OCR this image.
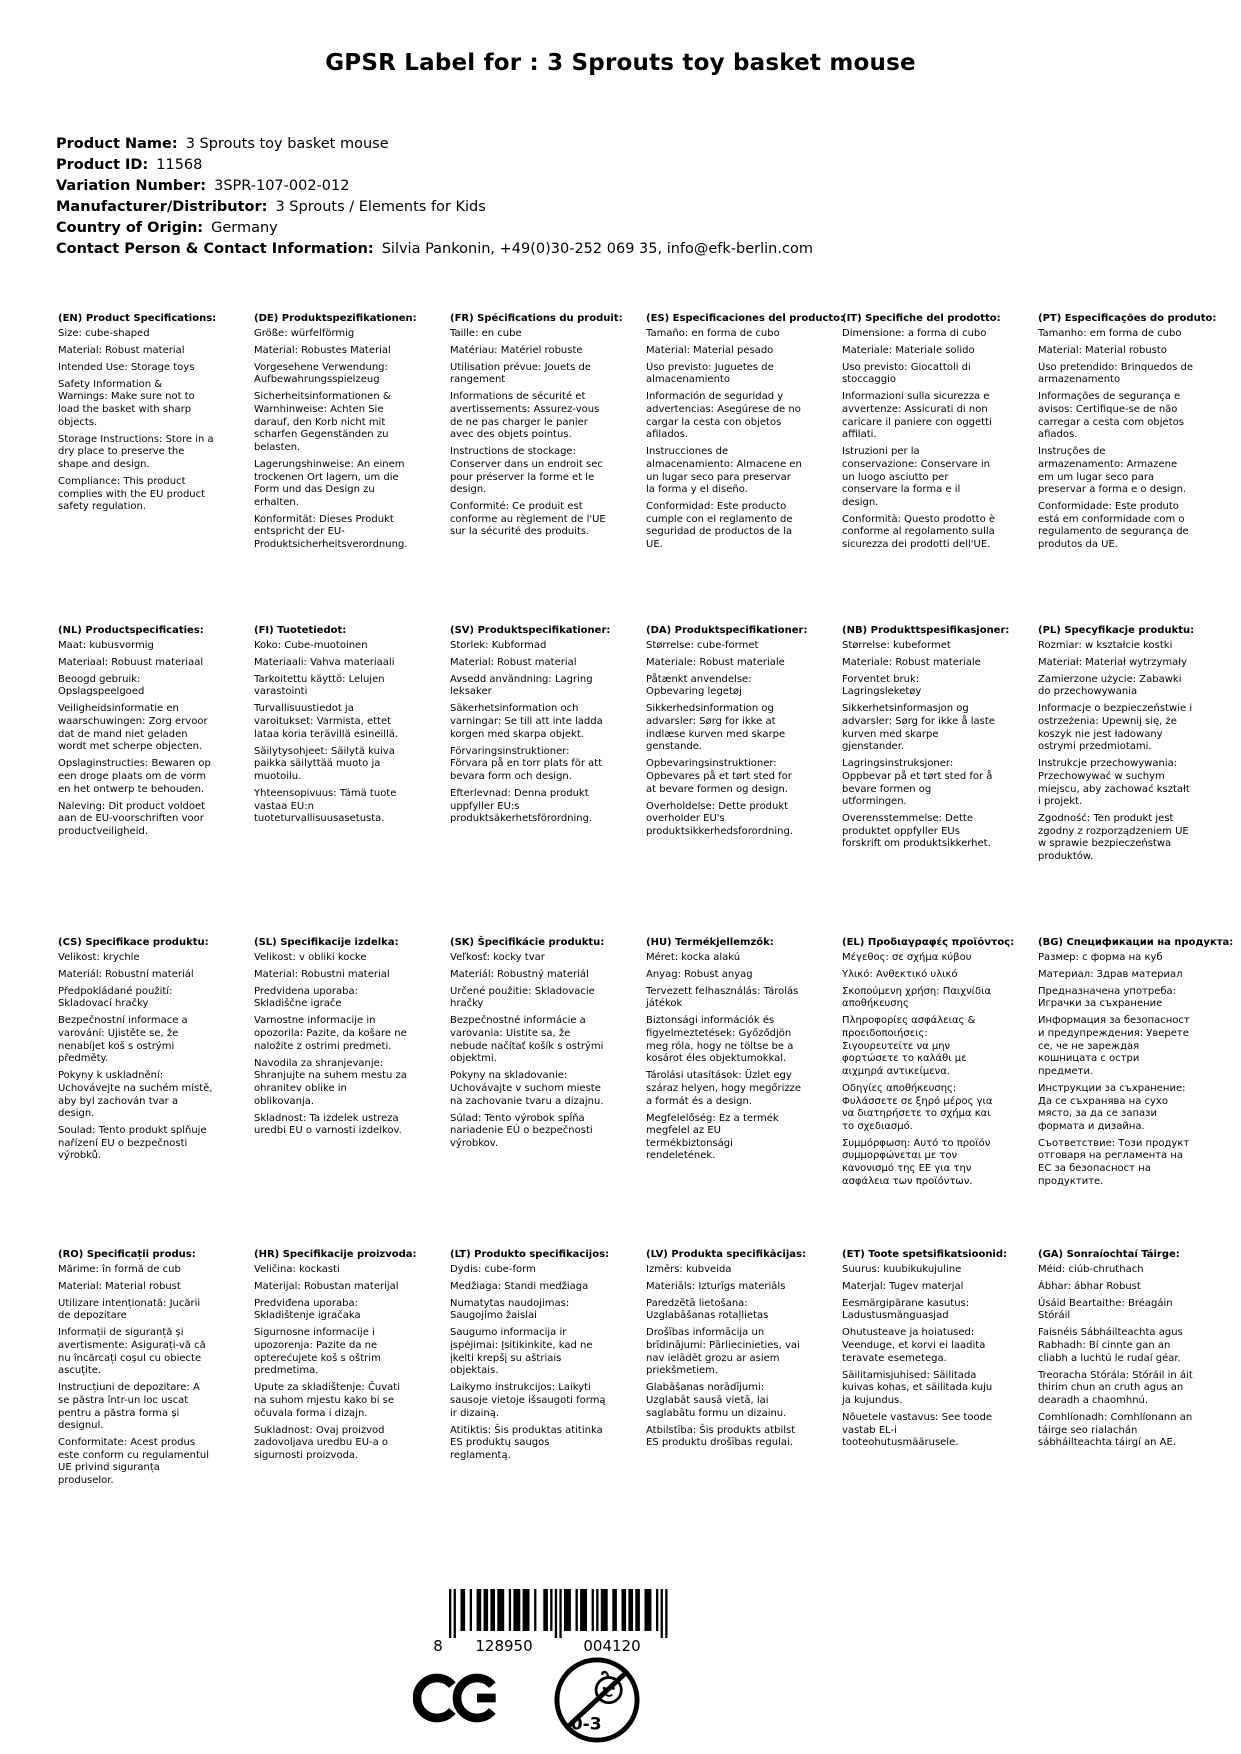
GPSR Label for : 3 Sprouts toy basket mouse
Product Name: 3 Sprouts toy basket mouse
Product ID: 11568
Variation Number: 3SPR-107-002-012
Manufacturer/Distributor: 3 Sprouts / Elements for Kids
Country of Origin: Germany
Contact Person & Contact Information: Silvia Pankonin, +49(0)30-252 069 35, info@efk-berlin.com

(EN) Product Specifications:

Size: cube-shaped

Material: Robust material

Intended Use: Storage toys

Safety Information & Warnings: Make sure not to load the basket with sharp objects.

Storage Instructions: Store in a dry place to preserve the shape and design.

Compliance: This product complies with the EU product safety regulation.

(DE) Produktspezifikationen:

Größe: würfelförmig

Material: Robustes Material

Vorgesehene Verwendung: Aufbewahrungsspielzeug

Sicherheitsinformationen & Warnhinweise: Achten Sie darauf, den Korb nicht mit scharfen Gegenständen zu belasten.

Lagerungshinweise: An einem trockenen Ort lagern, um die Form und das Design zu erhalten.

Konformität: Dieses Produkt entspricht der EU-Produktsicherheitsverordnung.

(FR) Spécifications du produit:

Taille: en cube

Matériau: Matériel robuste

Utilisation prévue: Jouets de rangement

Informations de sécurité et avertissements: Assurez-vous de ne pas charger le panier avec des objets pointus.

Instructions de stockage: Conserver dans un endroit sec pour préserver la forme et le design.

Conformité: Ce produit est conforme au règlement de l'UE sur la sécurité des produits.

(ES) Especificaciones del producto:

Tamaño: en forma de cubo

Material: Material pesado

Uso previsto: Juguetes de almacenamiento

Información de seguridad y advertencias: Asegúrese de no cargar la cesta con objetos afilados.

Instrucciones de almacenamiento: Almacene en un lugar seco para preservar la forma y el diseño.

Conformidad: Este producto cumple con el reglamento de seguridad de productos de la UE.

(IT) Specifiche del prodotto:

Dimensione: a forma di cubo

Materiale: Materiale solido

Uso previsto: Giocattoli di stoccaggio

Informazioni sulla sicurezza e avvertenze: Assicurati di non caricare il paniere con oggetti affilati.

Istruzioni per la conservazione: Conservare in un luogo asciutto per conservare la forma e il design.

Conformità: Questo prodotto è conforme al regolamento sulla sicurezza dei prodotti dell'UE.

(PT) Especificações do produto:

Tamanho: em forma de cubo

Material: Material robusto

Uso pretendido: Brinquedos de armazenamento

Informações de segurança e avisos: Certifique-se de não carregar a cesta com objetos afiados.

Instruções de armazenamento: Armazene em um lugar seco para preservar a forma e o design.

Conformidade: Este produto está em conformidade com o regulamento de segurança de produtos da UE.

(NL) Productspecificaties:

Maat: kubusvormig

Materiaal: Robuust materiaal

Beoogd gebruik: Opslagspeelgoed

Veiligheidsinformatie en waarschuwingen: Zorg ervoor dat de mand niet geladen wordt met scherpe objecten.

Opslaginstructies: Bewaren op een droge plaats om de vorm en het ontwerp te behouden.

Naleving: Dit product voldoet aan de EU-voorschriften voor productveiligheid.

(FI) Tuotetiedot:

Koko: Cube-muotoinen

Materiaali: Vahva materiaali

Tarkoitettu käyttö: Lelujen varastointi

Turvallisuustiedot ja varoitukset: Varmista, ettet lataa koria terävillä esineillä.

Säilytysohjeet: Säilytä kuiva paikka säilyttää muoto ja muotoilu.

Yhteensopivuus: Tämä tuote vastaa EU:n tuoteturvallisuusasetusta.

(SV) Produktspecifikationer:

Storlek: Kubformad

Material: Robust material

Avsedd användning: Lagring leksaker

Säkerhetsinformation och varningar: Se till att inte ladda korgen med skarpa objekt.

Förvaringsinstruktioner: Förvara på en torr plats för att bevara form och design.

Efterlevnad: Denna produkt uppfyller EU:s produktsäkerhetsförordning.

(DA) Produktspecifikationer:

Størrelse: cube-formet

Materiale: Robust materiale

Påtænkt anvendelse: Opbevaring legetøj

Sikkerhedsinformation og advarsler: Sørg for ikke at indlæse kurven med skarpe genstande.

Opbevaringsinstruktioner: Opbevares på et tørt sted for at bevare formen og design.

Overholdelse: Dette produkt overholder EU's produktsikkerhedsforordning.

(NB) Produkttspesifikasjoner:

Størrelse: kubeformet

Materiale: Robust materiale

Forventet bruk: Lagringsleketøy

Sikkerhetsinformasjon og advarsler: Sørg for ikke å laste kurven med skarpe gjenstander.

Lagringsinstruksjoner: Oppbevar på et tørt sted for å bevare formen og utformingen.

Overensstemmelse: Dette produktet oppfyller EUs forskrift om produktsikkerhet.

(PL) Specyfikacje produktu:

Rozmiar: w kształcie kostki

Materiał: Materiał wytrzymały

Zamierzone użycie: Zabawki do przechowywania

Informacje o bezpieczeństwie i ostrzeżenia: Upewnij się, że koszyk nie jest ładowany ostrymi przedmiotami.

Instrukcje przechowywania: Przechowywać w suchym miejscu, aby zachować kształt i projekt.

Zgodność: Ten produkt jest zgodny z rozporządzeniem UE w sprawie bezpieczeństwa produktów.

(CS) Specifikace produktu:

Velikost: krychle

Materiál: Robustní materiál

Předpokládané použití: Skladovací hračky

Bezpečnostní informace a varování: Ujistěte se, že nenabíjet koš s ostrými předměty.

Pokyny k uskladnění: Uchovávejte na suchém místě, aby byl zachován tvar a design.

Soulad: Tento produkt splňuje nařízení EU o bezpečnosti výrobků.

(SL) Specifikacije izdelka:

Velikost: v obliki kocke

Material: Robustni material

Predvidena uporaba: Skladiščne igrače

Varnostne informacije in opozorila: Pazite, da košare ne naložite z ostrimi predmeti.

Navodila za shranjevanje: Shranjujte na suhem mestu za ohranitev oblike in oblikovanja.

Skladnost: Ta izdelek ustreza uredbi EU o varnosti izdelkov.

(SK) Špecifikácie produktu:

Veľkosť: kocky tvar

Materiál: Robustný materiál

Určené použitie: Skladovacie hračky

Bezpečnostné informácie a varovania: Uistite sa, že nebude načítať košík s ostrými objektmi.

Pokyny na skladovanie: Uchovávajte v suchom mieste na zachovanie tvaru a dizajnu.

Súlad: Tento výrobok spĺňa nariadenie EÚ o bezpečnosti výrobkov.

(HU) Termékjellemzők:

Méret: kocka alakú

Anyag: Robust anyag

Tervezett felhasználás: Tárolás játékok

Biztonsági információk és figyelmeztetések: Győződjön meg róla, hogy ne töltse be a kosárot éles objektumokkal.

Tárolási utasítások: Üzlet egy száraz helyen, hogy megőrizze a formát és a design.

Megfelelőség: Ez a termék megfelel az EU termékbiztonsági rendeletének.

(EL) Προδιαγραφές προϊόντος:

Μέγεθος: σε σχήμα κύβου

Υλικό: Ανθεκτικό υλικό

Σκοπούμενη χρήση: Παιχνίδια αποθήκευσης

Πληροφορίες ασφάλειας & προειδοποιήσεις: Σιγουρευτείτε να μην φορτώσετε το καλάθι με αιχμηρά αντικείμενα.

Οδηγίες αποθήκευσης: Φυλάσσετε σε ξηρό μέρος για να διατηρήσετε το σχήμα και το σχεδιασμό.

Συμμόρφωση: Αυτό το προϊόν συμμορφώνεται με τον κανονισμό της ΕΕ για την ασφάλεια των προϊόντων.

(BG) Спецификации на продукта:

Размер: с форма на куб

Материал: Здрав материал

Предназначена употреба: Играчки за съхранение

Информация за безопасност и предупреждения: Уверете се, че не зареждая кошницата с остри предмети.

Инструкции за съхранение: Да се съхранява на сухо място, за да се запази формата и дизайна.

Съответствие: Този продукт отговаря на регламента на ЕС за безопасност на продуктите.

(RO) Specificații produs:

Mărime: în formă de cub

Material: Material robust

Utilizare intenționată: Jucării de depozitare

Informații de siguranță și avertismente: Asigurați-vă că nu încărcați coșul cu obiecte ascuțite.

Instrucțiuni de depozitare: A se păstra într-un loc uscat pentru a păstra forma și designul.

Conformitate: Acest produs este conform cu regulamentul UE privind siguranța produselor.

(HR) Specifikacije proizvoda:

Veličina: kockasti

Materijal: Robustan materijal

Predviđena uporaba: Skladištenje igračaka

Sigurnosne informacije i upozorenja: Pazite da ne opterećujete koš s oštrim predmetima.

Upute za skladištenje: Čuvati na suhom mjestu kako bi se očuvala forma i dizajn.

Sukladnost: Ovaj proizvod zadovoljava uredbu EU-a o sigurnosti proizvoda.

(LT) Produkto specifikacijos:

Dydis: cube-form

Medžiaga: Standi medžiaga

Numatytas naudojimas: Saugojimo žaislai

Saugumo informacija ir įspėjimai: Įsitikinkite, kad ne įkelti krepšį su aštriais objektais.

Laikymo instrukcijos: Laikyti sausoje vietoje išsaugoti formą ir dizainą.

Atitiktis: Šis produktas atitinka ES produktų saugos reglamentą.

(LV) Produkta specifikācijas:

Izmērs: kubveida

Materiāls: Izturīgs materiāls

Paredzētā lietošana: Uzglabāšanas rotaļlietas

Drošības informācija un brīdinājumi: Pārliecinieties, vai nav ielādēt grozu ar asiem priekšmetiem.

Glabāšanas norādījumi: Uzglabāt sausā vietā, lai saglabātu formu un dizainu.

Atbilstība: Šis produkts atbilst ES produktu drošības regulai.

(ET) Toote spetsifikatsioonid:

Suurus: kuubikukujuline

Materjal: Tugev materjal

Eesmärgipärane kasutus: Ladustusmänguasjad

Ohutusteave ja hoiatused: Veenduge, et korvi ei laadita teravate esemetega.

Säilitamisjuhised: Säilitada kuivas kohas, et säilitada kuju ja kujundus.

Nõuetele vastavus: See toode vastab EL-i tooteohutusmäärusele.

(GA) Sonraíochtaí Táirge:

Méid: ciúb-chruthach

Ábhar: ábhar Robust

Úsáid Beartaithe: Bréagáin Stóráil

Faisnéis Sábháilteachta agus Rabhadh: Bí cinnte gan an cliabh a luchtú le rudaí géar.

Treoracha Stórála: Stóráil in áit thirim chun an cruth agus an dearadh a chaomhnú.

Comhlíonadh: Comhlíonann an táirge seo rialachán sábháilteachta táirgí an AE.

8 128950	004120
0-3
